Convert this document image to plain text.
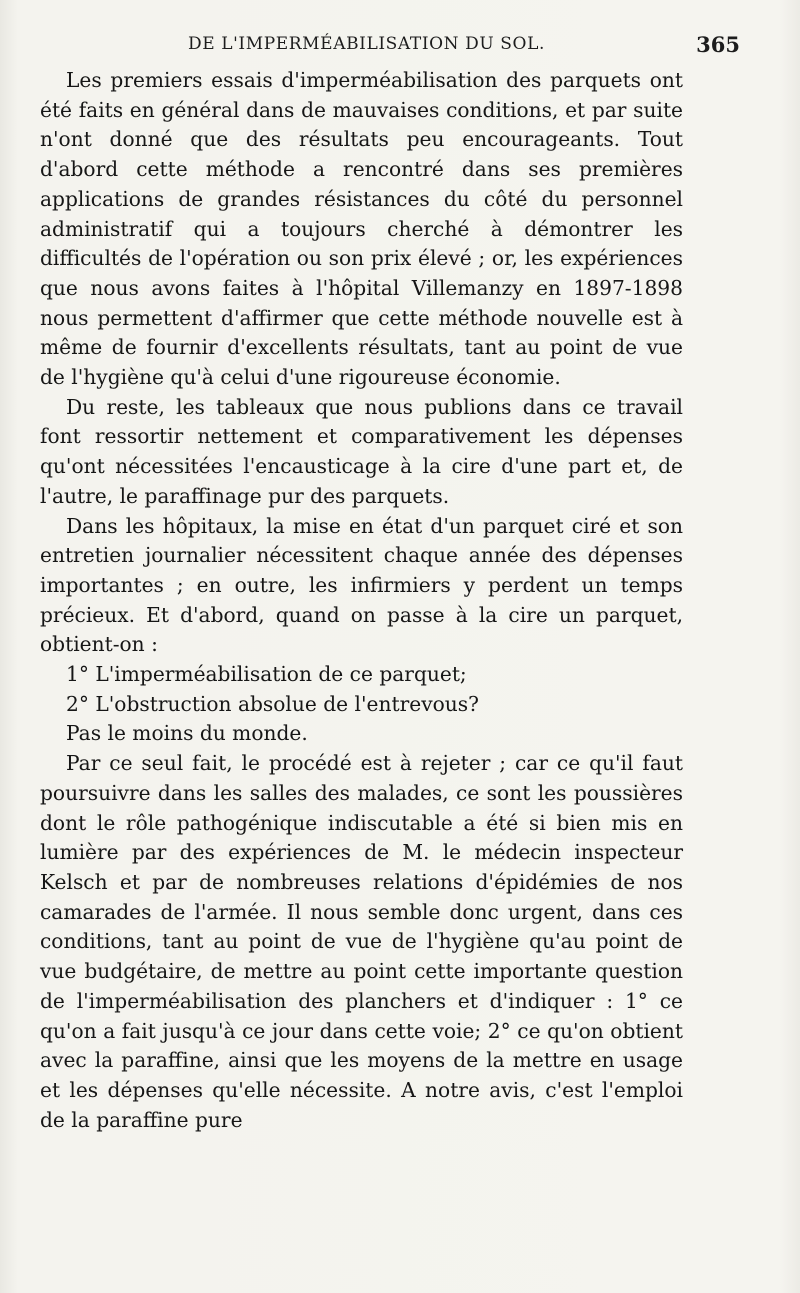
DE L'IMPERMÉABILISATION DU SOL.	365

Les premiers essais d'imperméabilisation des parquets ont été faits en général dans de mauvaises conditions, et par suite n'ont donné que des résultats peu encourageants. Tout d'abord cette méthode a rencontré dans ses premières applications de grandes résistances du côté du personnel administratif qui a toujours cherché à démontrer les difficultés de l'opération ou son prix élevé ; or, les expériences que nous avons faites à l'hôpital Villemanzy en 1897-1898 nous permettent d'affirmer que cette méthode nouvelle est à même de fournir d'excellents résultats, tant au point de vue de l'hygiène qu'à celui d'une rigoureuse économie.

Du reste, les tableaux que nous publions dans ce travail font ressortir nettement et comparativement les dépenses qu'ont nécessitées l'encausticage à la cire d'une part et, de l'autre, le paraffinage pur des parquets.

Dans les hôpitaux, la mise en état d'un parquet ciré et son entretien journalier nécessitent chaque année des dépenses importantes ; en outre, les infirmiers y perdent un temps précieux. Et d'abord, quand on passe à la cire un parquet, obtient-on :

1° L'imperméabilisation de ce parquet;

2° L'obstruction absolue de l'entrevous?

Pas le moins du monde.

Par ce seul fait, le procédé est à rejeter ; car ce qu'il faut poursuivre dans les salles des malades, ce sont les poussières dont le rôle pathogénique indiscutable a été si bien mis en lumière par des expériences de M. le médecin inspecteur Kelsch et par de nombreuses relations d'épidémies de nos camarades de l'armée. Il nous semble donc urgent, dans ces conditions, tant au point de vue de l'hygiène qu'au point de vue budgétaire, de mettre au point cette importante question de l'imperméabilisation des planchers et d'indiquer : 1° ce qu'on a fait jusqu'à ce jour dans cette voie; 2° ce qu'on obtient avec la paraffine, ainsi que les moyens de la mettre en usage et les dépenses qu'elle nécessite. A notre avis, c'est l'emploi de la paraffine pure
